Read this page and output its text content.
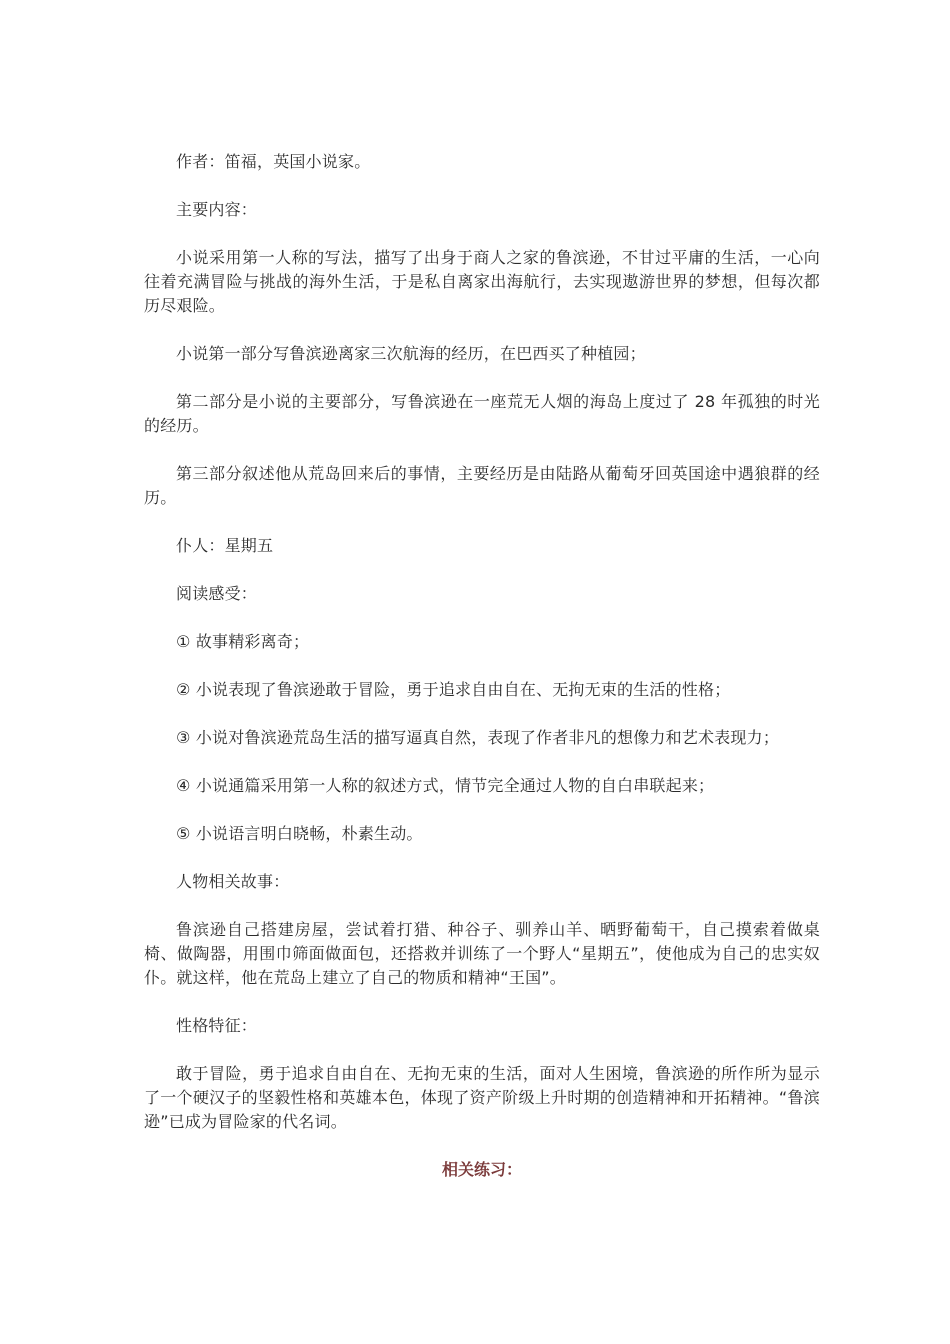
作者：笛福，英国小说家。

主要内容：

小说采用第一人称的写法，描写了出身于商人之家的鲁滨逊，不甘过平庸的生活，一心向往着充满冒险与挑战的海外生活，于是私自离家出海航行，去实现遨游世界的梦想，但每次都历尽艰险。

小说第一部分写鲁滨逊离家三次航海的经历，在巴西买了种植园；

第二部分是小说的主要部分，写鲁滨逊在一座荒无人烟的海岛上度过了 28 年孤独的时光的经历。

第三部分叙述他从荒岛回来后的事情，主要经历是由陆路从葡萄牙回英国途中遇狼群的经历。

仆人：星期五

阅读感受：

① 故事精彩离奇；

② 小说表现了鲁滨逊敢于冒险，勇于追求自由自在、无拘无束的生活的性格；

③ 小说对鲁滨逊荒岛生活的描写逼真自然，表现了作者非凡的想像力和艺术表现力；

④ 小说通篇采用第一人称的叙述方式，情节完全通过人物的自白串联起来；

⑤ 小说语言明白晓畅，朴素生动。

人物相关故事：

鲁滨逊自己搭建房屋，尝试着打猎、种谷子、驯养山羊、晒野葡萄干，自己摸索着做桌椅、做陶器，用围巾筛面做面包，还搭救并训练了一个野人“星期五”，使他成为自己的忠实奴仆。就这样，他在荒岛上建立了自己的物质和精神“王国”。

性格特征：

敢于冒险，勇于追求自由自在、无拘无束的生活，面对人生困境，鲁滨逊的所作所为显示了一个硬汉子的坚毅性格和英雄本色，体现了资产阶级上升时期的创造精神和开拓精神。“鲁滨逊”已成为冒险家的代名词。

相关练习：
